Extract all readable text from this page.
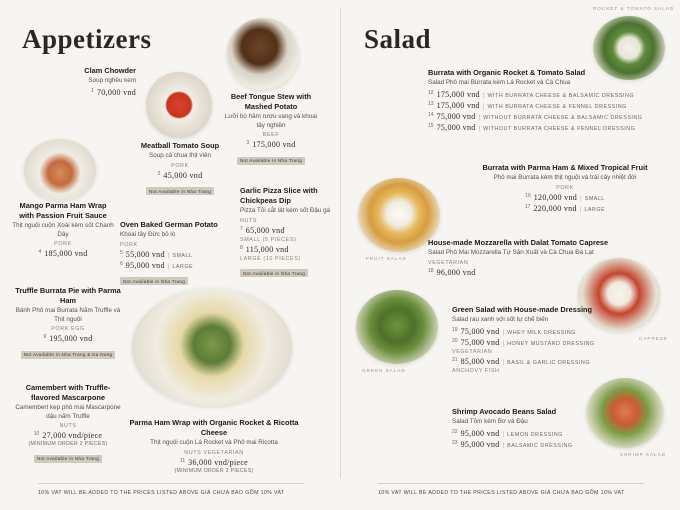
Appetizers
Clam Chowder
Soup nghêu kem
1 70,000 vnd
Meatball Tomato Soup
Soup cà chua thịt viên
PORK
2 45,000 vnd
Not Available in Nha Trang
Beef Tongue Stew with Mashed Potato
Lưỡi bò hầm rượu vang và khoai tây nghiền
BEEF
3 175,000 vnd
Not Available in Nha Trang
Mango Parma Ham Wrap with Passion Fruit Sauce
Thịt nguội cuộn Xoài kèm sốt Chanh Dây
PORK
4 185,000 vnd
Oven Baked German Potato
Khoai tây Đức bỏ lò
PORK
5 55,000 vnd | SMALL
6 95,000 vnd | LARGE
Not Available in Nha Trang
Garlic Pizza Slice with Chickpeas Dip
Pizza Tỏi cắt lát kèm sốt Đậu gà
NUTS
7 65,000 vnd
SMALL (5 PIECES)
8 115,000 vnd
LARGE (10 PIECES)
Not Available in Nha Trang
Truffle Burrata Pie with Parma Ham
Bánh Phô mai Burrata Nấm Truffle và Thịt nguội
PORK EGG
9 195,000 vnd
Not Available in Nha Trang & Da Nang
Camembert with Truffle-flavored Mascarpone
Camembert kẹp phô mai Mascarpone dậu nấm Truffle
NUTS
10 27,000 vnd/piece
(MINIMUM ORDER 2 PIECES)
Not Available in Nha Trang
Parma Ham Wrap with Organic Rocket & Ricotta Cheese
Thịt nguội cuộn Lá Rocket và Phô mai Ricotta
NUTS VEGETARIAN
11 36,000 vnd/piece
(MINIMUM ORDER 2 PIECES)
10% VAT WILL BE ADDED TO THE PRICES LISTED ABOVE GIÁ CHƯA BAO GỒM 10% VAT
Salad
ROCKET & TOMATO SALAD
FRUIT SALAD
GREEN SALAD
CAPRESE
SHRIMP SALAD
Burrata with Organic Rocket & Tomato Salad
Salad Phô mai Burrata kèm Lá Rocket và Cà Chua
12 175,000 vnd | WITH BURRATA CHEESE & BALSAMIC DRESSING
13 175,000 vnd | WITH BURRATA CHEESE & FENNEL DRESSING
14 75,000 vnd | WITHOUT BURRATA CHEESE & BALSAMIC DRESSING
15 75,000 vnd | WITHOUT BURRATA CHEESE & FENNEL DRESSING
Burrata with Parma Ham & Mixed Tropical Fruit
Phô mai Burrata kèm thịt nguội và trái cây nhiệt đới
PORK
16 120,000 vnd | SMALL
17 220,000 vnd | LARGE
House-made Mozzarella with Dalat Tomato Caprese
Salad Phô Mai Mozzarella Tự Sản Xuất và Cà Chua Đà Lạt
VEGETARIAN
18 96,000 vnd
Green Salad with House-made Dressing
Salad rau xanh với sốt tự chế biến
19 75,000 vnd | WHEY MILK DRESSING
20 75,000 vnd | HONEY MUSTARD DRESSING
VEGETARIAN
21 85,000 vnd | BASIL & GARLIC DRESSING
ANCHOVY FISH
Shrimp Avocado Beans Salad
Salad Tôm kèm Bơ và Đậu
22 95,000 vnd | LEMON DRESSING
23 95,000 vnd | BALSAMIC DRESSING
10% VAT WILL BE ADDED TO THE PRICES LISTED ABOVE GIÁ CHƯA BAO GỒM 10% VAT
